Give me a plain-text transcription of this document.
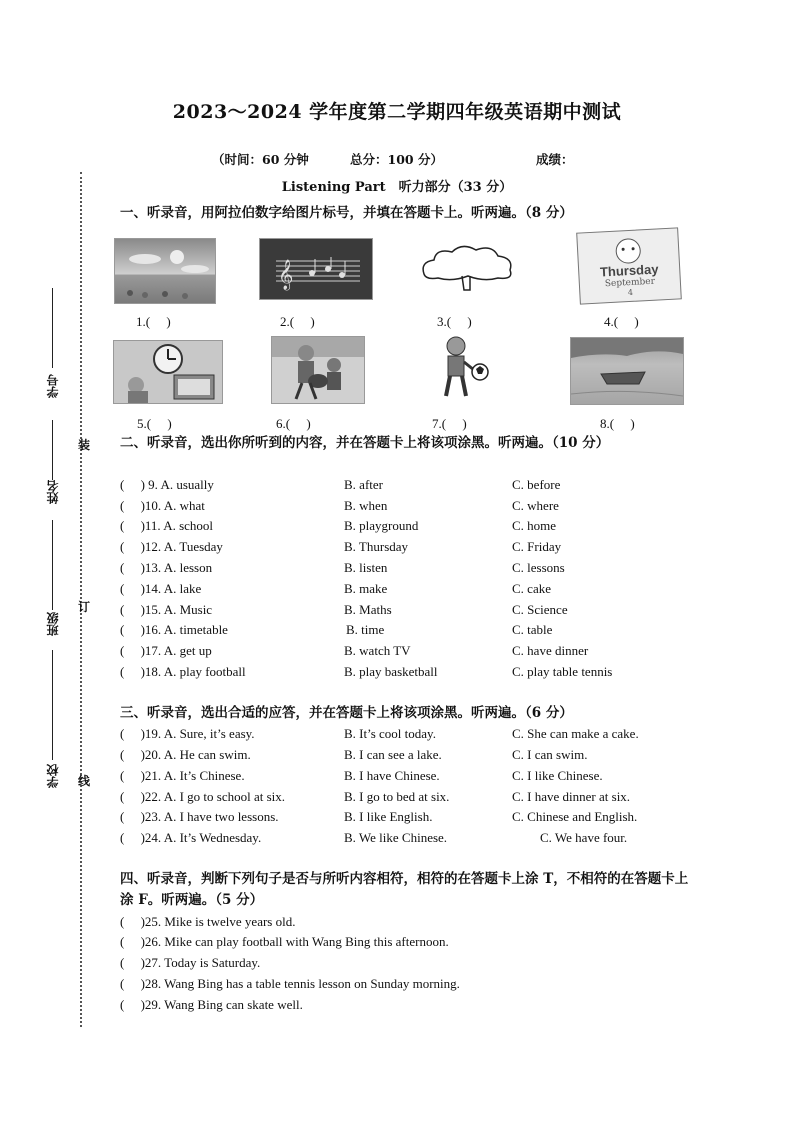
2023～2024 学年度第二学期四年级英语期中测试
（时间：60 分钟	总分：100 分）	成绩：
Listening Part　听力部分（33 分）
装
订
线
学号
姓名
班级
学校
一、听录音，用阿拉伯数字给图片标号，并填在答题卡上。听两遍。（8 分）
1.(　 )
𝄞
2.(　 )	3.(　 )
Thursday
September
4
4.(　 )
5.(　 )	6.(　 )	7.(　 )	8.(　 )
二、听录音，选出你所听到的内容，并在答题卡上将该项涂黑。听两遍。（10 分）
(　 ) 9. A. usually	B. after	C. before
(　 )10. A. what	B. when	C. where
(　 )11. A. school	B. playground	C. home
(　 )12. A. Tuesday	B. Thursday	C. Friday
(　 )13. A. lesson	B. listen	C. lessons
(　 )14. A. lake	B. make	C. cake
(　 )15. A. Music	B. Maths	C. Science
(　 )16. A. timetable	B. time	C. table
(　 )17. A. get up	B. watch TV	C. have dinner
(　 )18. A. play football	B. play basketball	C. play table tennis
三、听录音，选出合适的应答，并在答题卡上将该项涂黑。听两遍。（6 分）
(　 )19. A. Sure, it’s easy.	B. It’s cool today.	C. She can make a cake.
(　 )20. A. He can swim.	B. I can see a lake.	C. I can swim.
(　 )21. A. It’s Chinese.	B. I have Chinese.	C. I like Chinese.
(　 )22. A. I go to school at six.	B. I go to bed at six.	C. I have dinner at six.
(　 )23. A. I have two lessons.	B. I like English.	C. Chinese and English.
(　 )24. A. It’s Wednesday.	B. We like Chinese.	C. We have four.
四、听录音，判断下列句子是否与所听内容相符，相符的在答题卡上涂 T，不相符的在答题卡上涂 F。听两遍。（5 分）
(　 )25. Mike is twelve years old.
(　 )26. Mike can play football with Wang Bing this afternoon.
(　 )27. Today is Saturday.
(　 )28. Wang Bing has a table tennis lesson on Sunday morning.
(　 )29. Wang Bing can skate well.
